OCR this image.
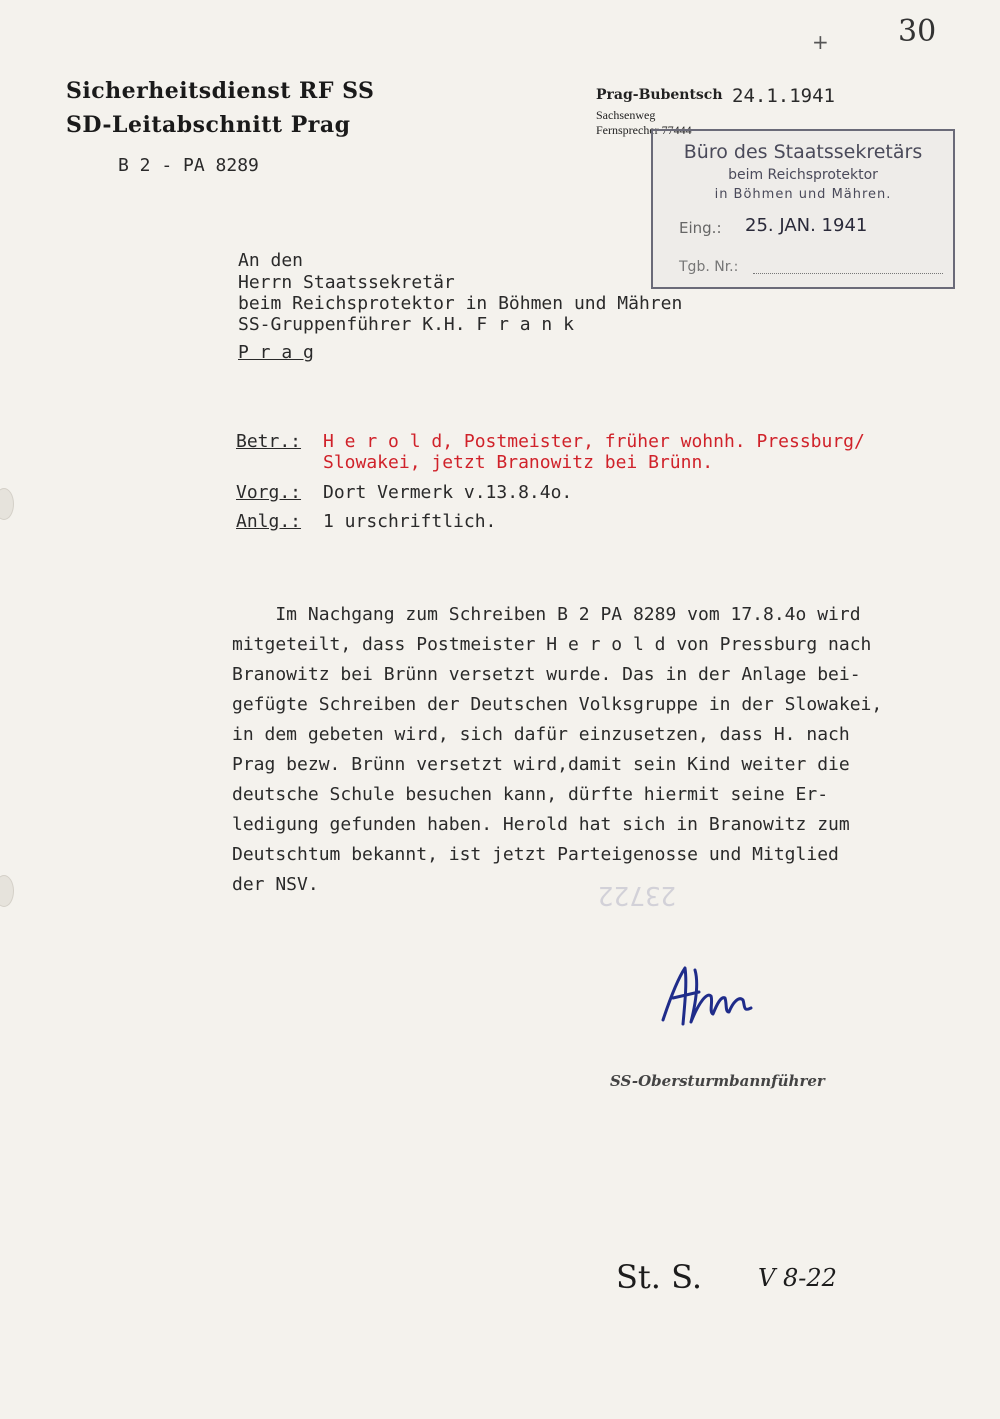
30
+
Sicherheitsdienst RF SS
SD-Leitabschnitt Prag
B 2 - PA 8289
Prag-Bubentsch 24.1.1941
Sachsenweg
Fernsprecher 77444
Büro des Staatssekretärs
beim Reichsprotektor
in Böhmen und Mähren.
Eing.: 25. JAN. 1941
Tgb. Nr.:
An den
Herrn Staatssekretär
beim Reichsprotektor in Böhmen und Mähren
SS-Gruppenführer K.H. F r a n k
P r a g
Betr.: H e r o l d, Postmeister, früher wohnh. Pressburg/
Slowakei, jetzt Branowitz bei Brünn.
Vorg.: Dort Vermerk v.13.8.4o.
Anlg.: 1 urschriftlich.
Im Nachgang zum Schreiben B 2 PA 8289 vom 17.8.4o wird
mitgeteilt, dass Postmeister H e r o l d von Pressburg nach
Branowitz bei Brünn versetzt wurde. Das in der Anlage bei-
gefügte Schreiben der Deutschen Volksgruppe in der Slowakei,
in dem gebeten wird, sich dafür einzusetzen, dass H. nach
Prag bezw. Brünn versetzt wird,damit sein Kind weiter die
deutsche Schule besuchen kann, dürfte hiermit seine Er-
ledigung gefunden haben. Herold hat sich in Branowitz zum
Deutschtum bekannt, ist jetzt Parteigenosse und Mitglied
der NSV.	23722
SS-Obersturmbannführer
St. S. V 8-22
